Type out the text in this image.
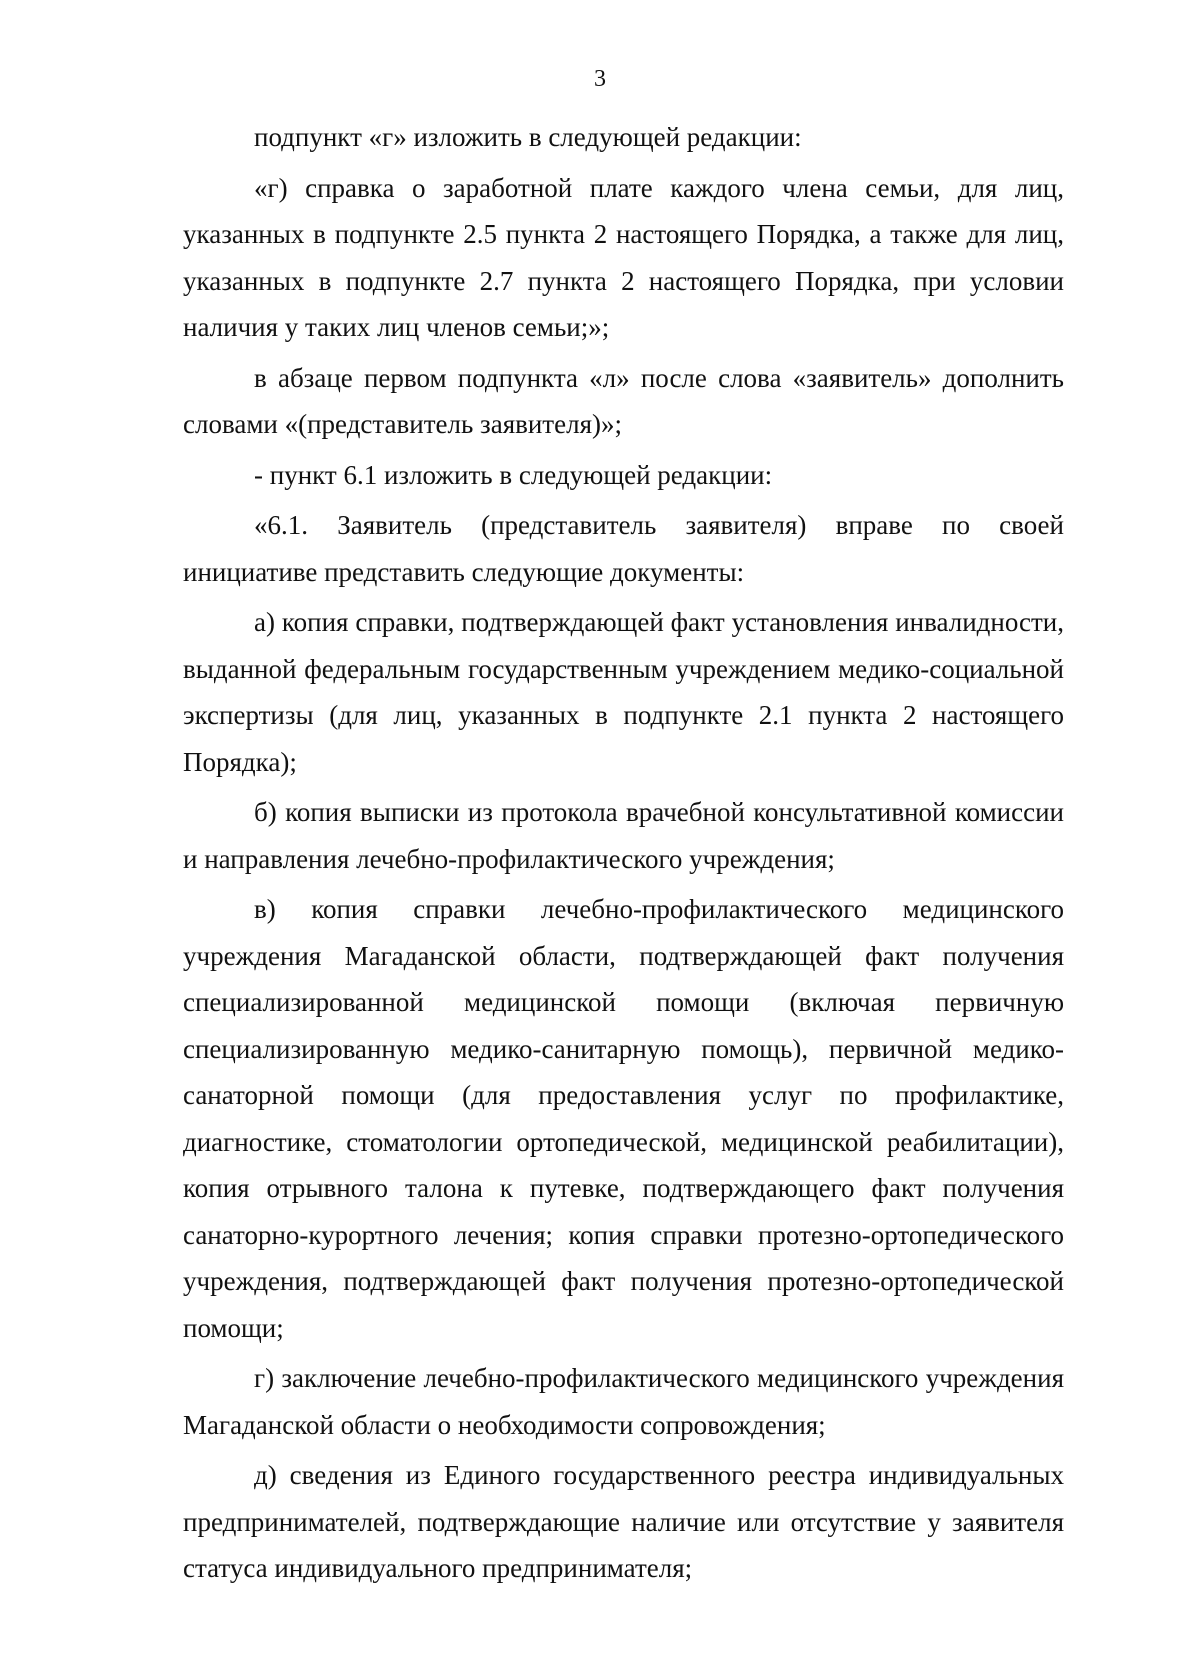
3

подпункт «г» изложить в следующей редакции:

«г) справка о заработной плате каждого члена семьи, для лиц, указанных в подпункте 2.5 пункта 2 настоящего Порядка, а также для лиц, указанных в подпункте 2.7 пункта 2 настоящего Порядка, при условии наличия у таких лиц членов семьи;»;

в абзаце первом подпункта «л» после слова «заявитель» дополнить словами «(представитель заявителя)»;

- пункт 6.1 изложить в следующей редакции:

«6.1. Заявитель (представитель заявителя) вправе по своей инициативе представить следующие документы:

а) копия справки, подтверждающей факт установления инвалидности, выданной федеральным государственным учреждением медико-социальной экспертизы (для лиц, указанных в подпункте 2.1 пункта 2 настоящего Порядка);

б) копия выписки из протокола врачебной консультативной комиссии и направления лечебно-профилактического учреждения;

в) копия справки лечебно-профилактического медицинского учреждения Магаданской области, подтверждающей факт получения специализированной медицинской помощи (включая первичную специализированную медико-санитарную помощь), первичной медико-санаторной помощи (для предоставления услуг по профилактике, диагностике, стоматологии ортопедической, медицинской реабилитации), копия отрывного талона к путевке, подтверждающего факт получения санаторно-курортного лечения; копия справки протезно-ортопедического учреждения, подтверждающей факт получения протезно-ортопедической помощи;

г) заключение лечебно-профилактического медицинского учреждения Магаданской области о необходимости сопровождения;

д) сведения из Единого государственного реестра индивидуальных предпринимателей, подтверждающие наличие или отсутствие у заявителя статуса индивидуального предпринимателя;
